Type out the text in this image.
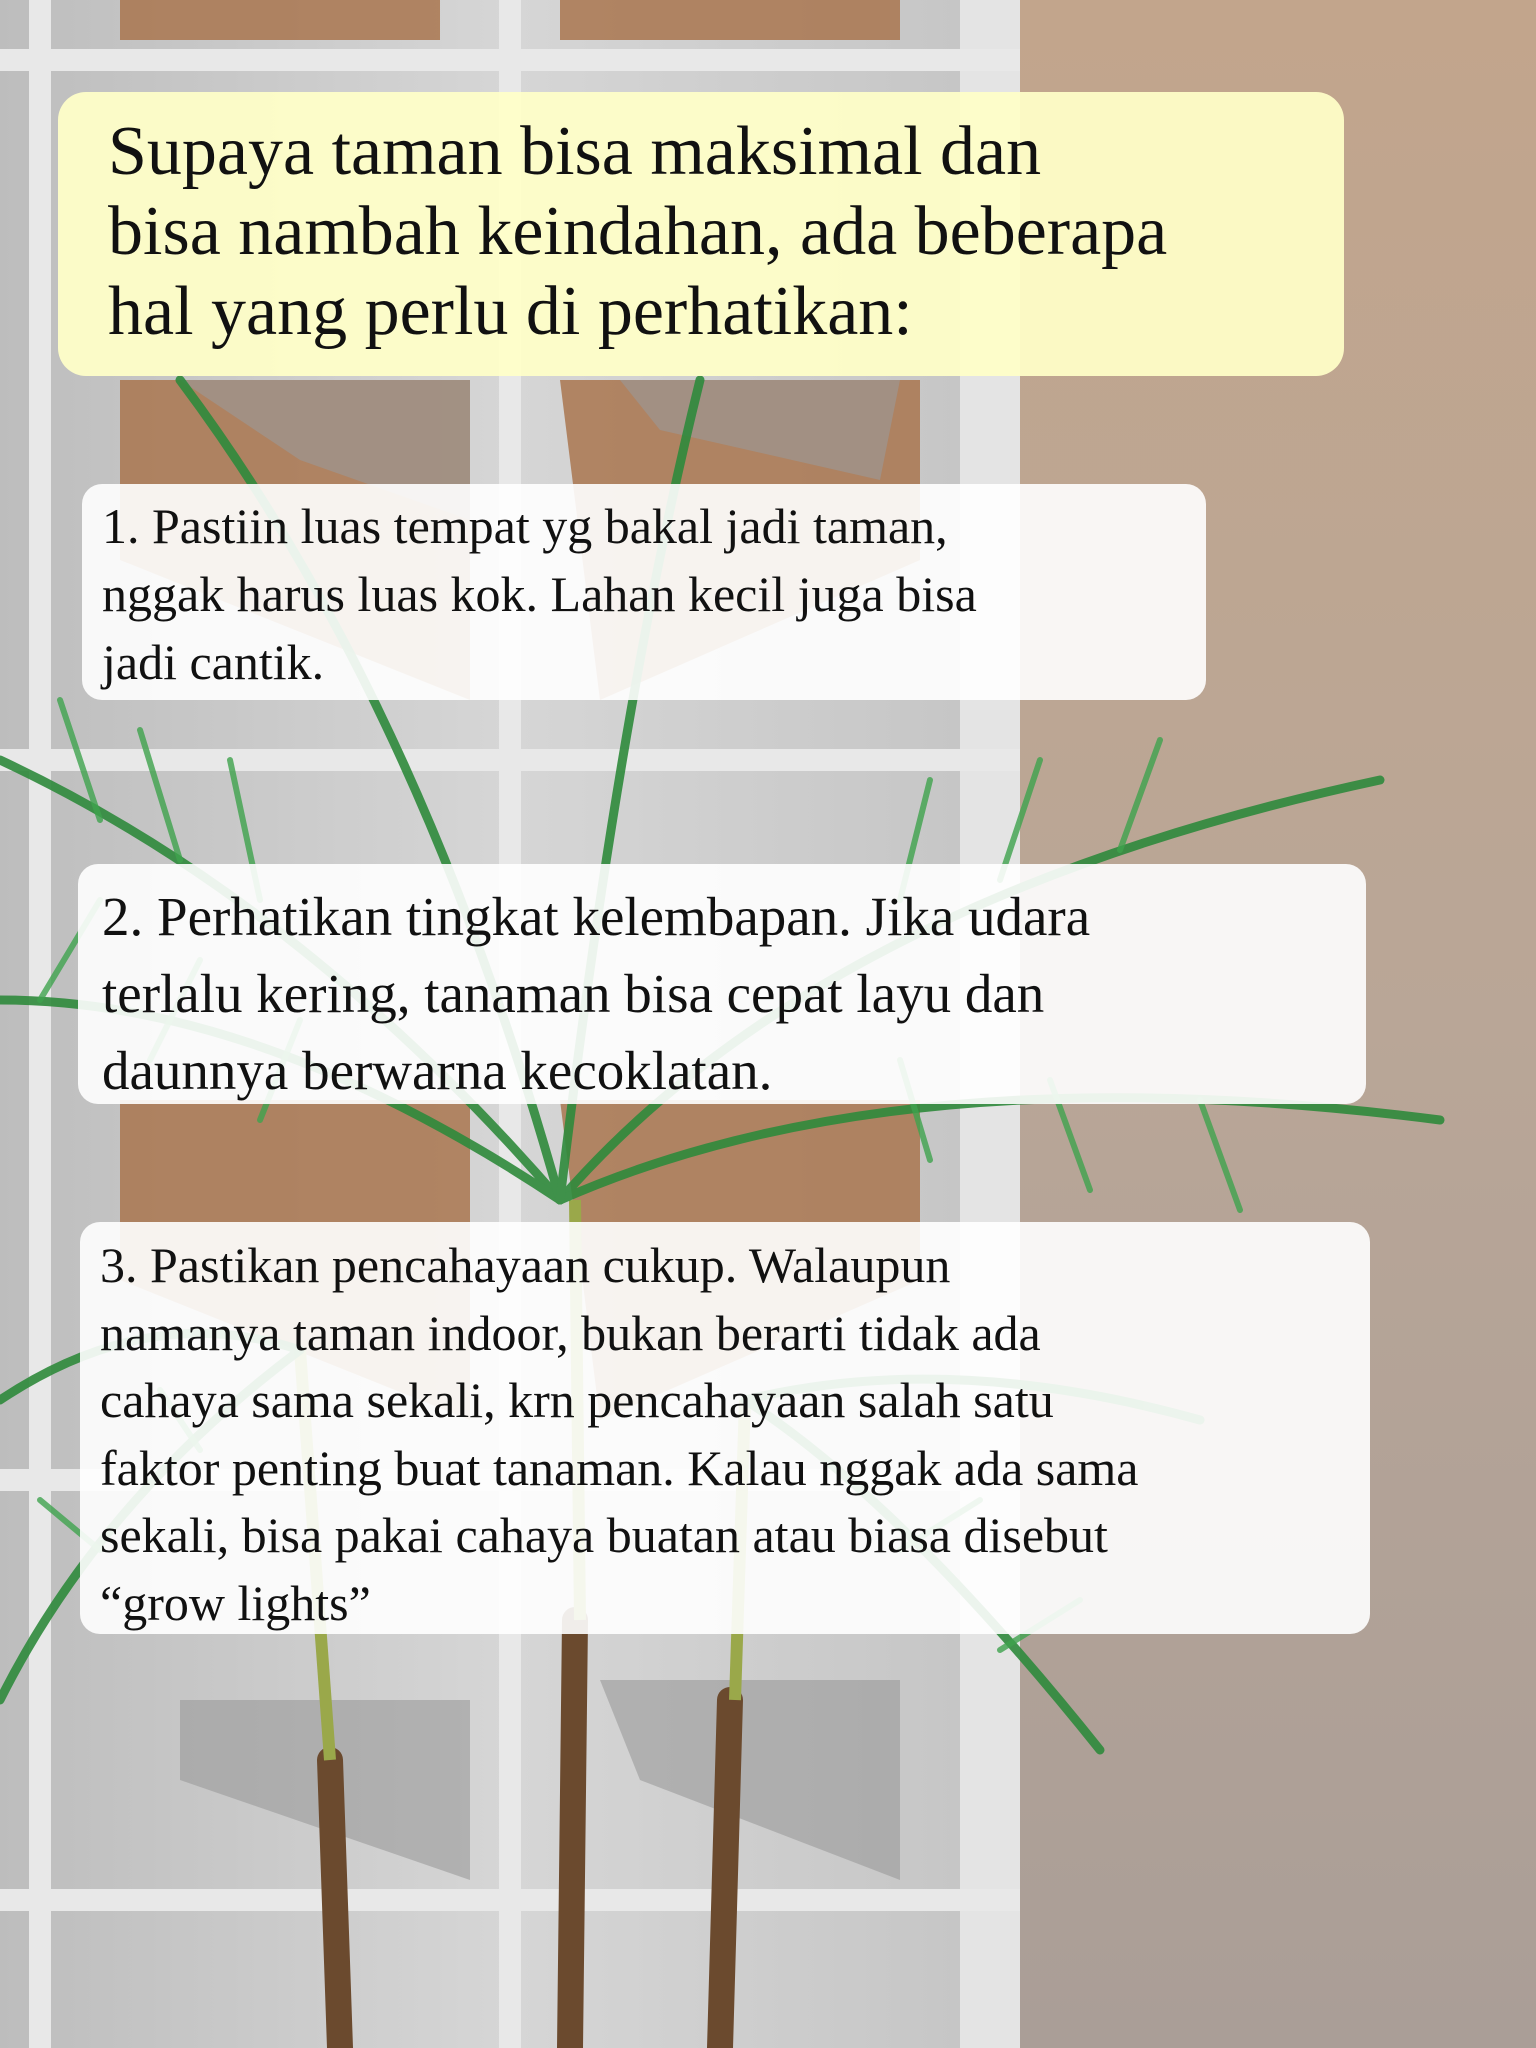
Supaya taman bisa maksimal dan
bisa nambah keindahan, ada beberapa
hal yang perlu di perhatikan:
1. Pastiin luas tempat yg bakal jadi taman,
nggak harus luas kok. Lahan kecil juga bisa
jadi cantik.
2. Perhatikan tingkat kelembapan. Jika udara
terlalu kering, tanaman bisa cepat layu dan
daunnya berwarna kecoklatan.
3. Pastikan pencahayaan cukup. Walaupun
namanya taman indoor, bukan berarti tidak ada
cahaya sama sekali, krn pencahayaan salah satu
faktor penting buat tanaman. Kalau nggak ada sama
sekali, bisa pakai cahaya buatan atau biasa disebut
“grow lights”
